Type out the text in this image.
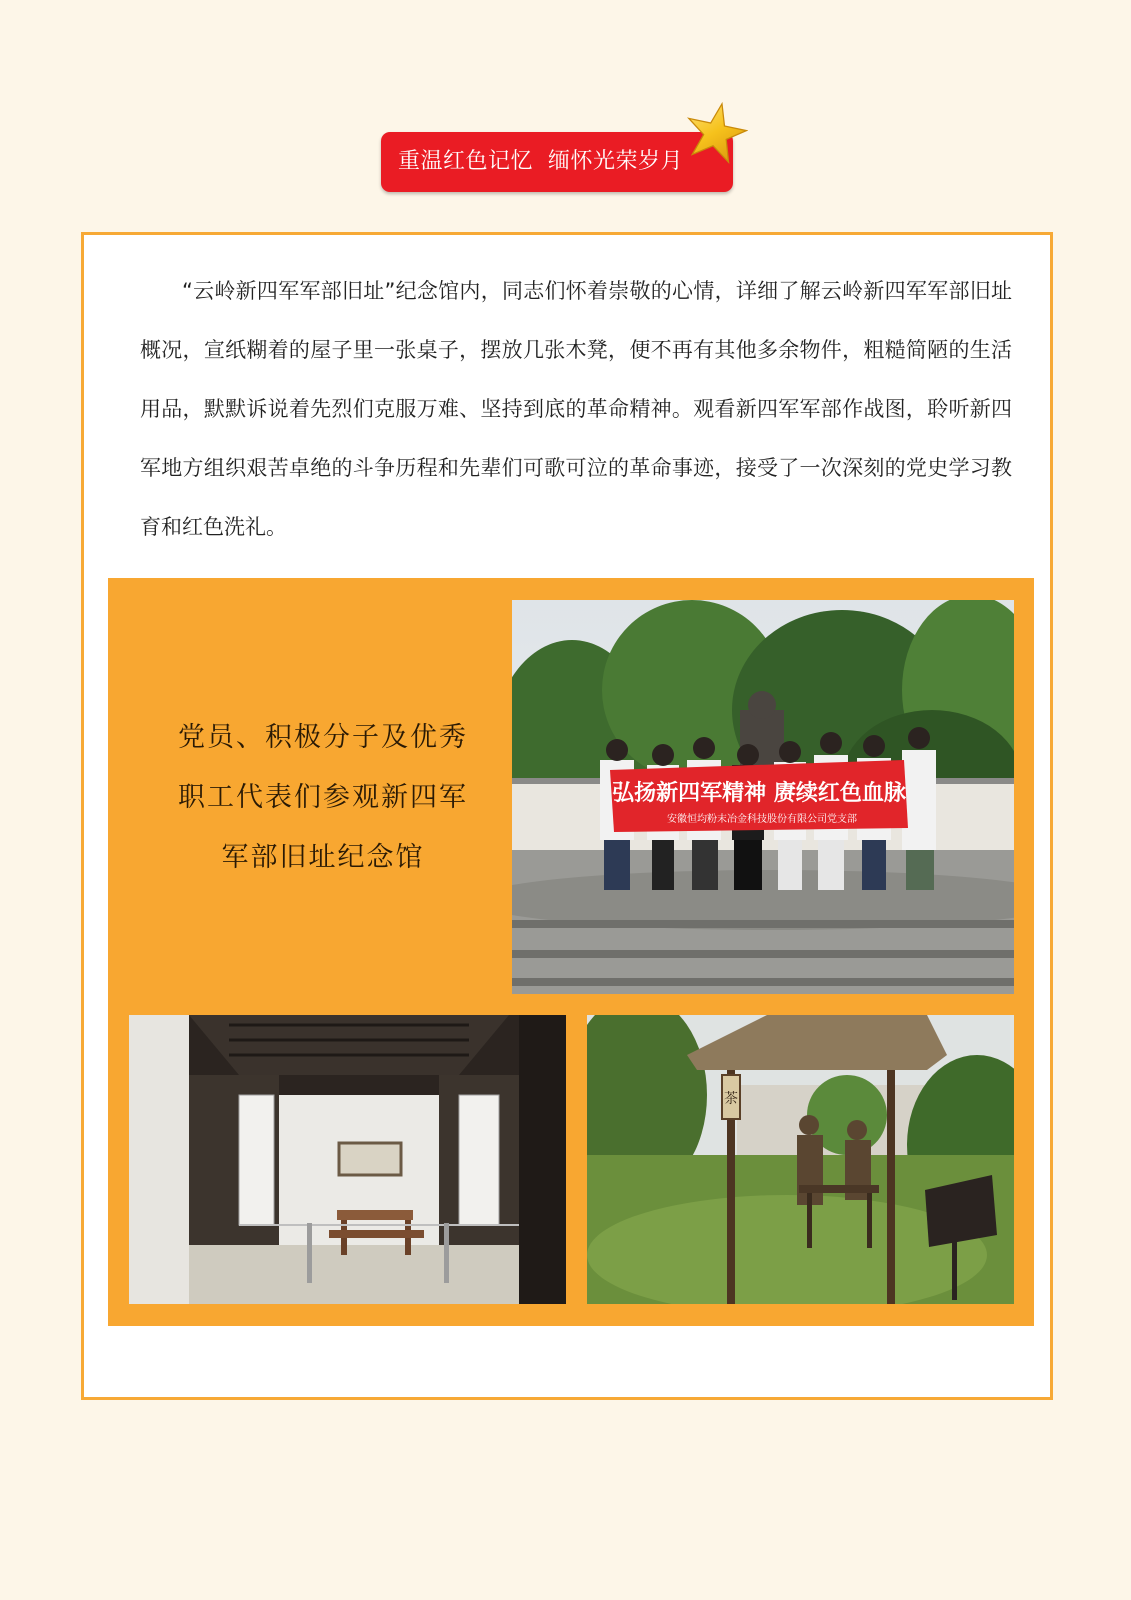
重温红色记忆  缅怀光荣岁月

“云岭新四军军部旧址”纪念馆内，同志们怀着崇敬的心情，详细了解云岭新四军军部旧址概况，宣纸糊着的屋子里一张桌子，摆放几张木凳，便不再有其他多余物件，粗糙简陋的生活用品，默默诉说着先烈们克服万难、坚持到底的革命精神。观看新四军军部作战图，聆听新四军地方组织艰苦卓绝的斗争历程和先辈们可歌可泣的革命事迹，接受了一次深刻的党史学习教育和红色洗礼。

党员、积极分子及优秀
职工代表们参观新四军
军部旧址纪念馆
弘扬新四军精神 赓续红色血脉
安徽恒均粉末冶金科技股份有限公司党支部
茶
